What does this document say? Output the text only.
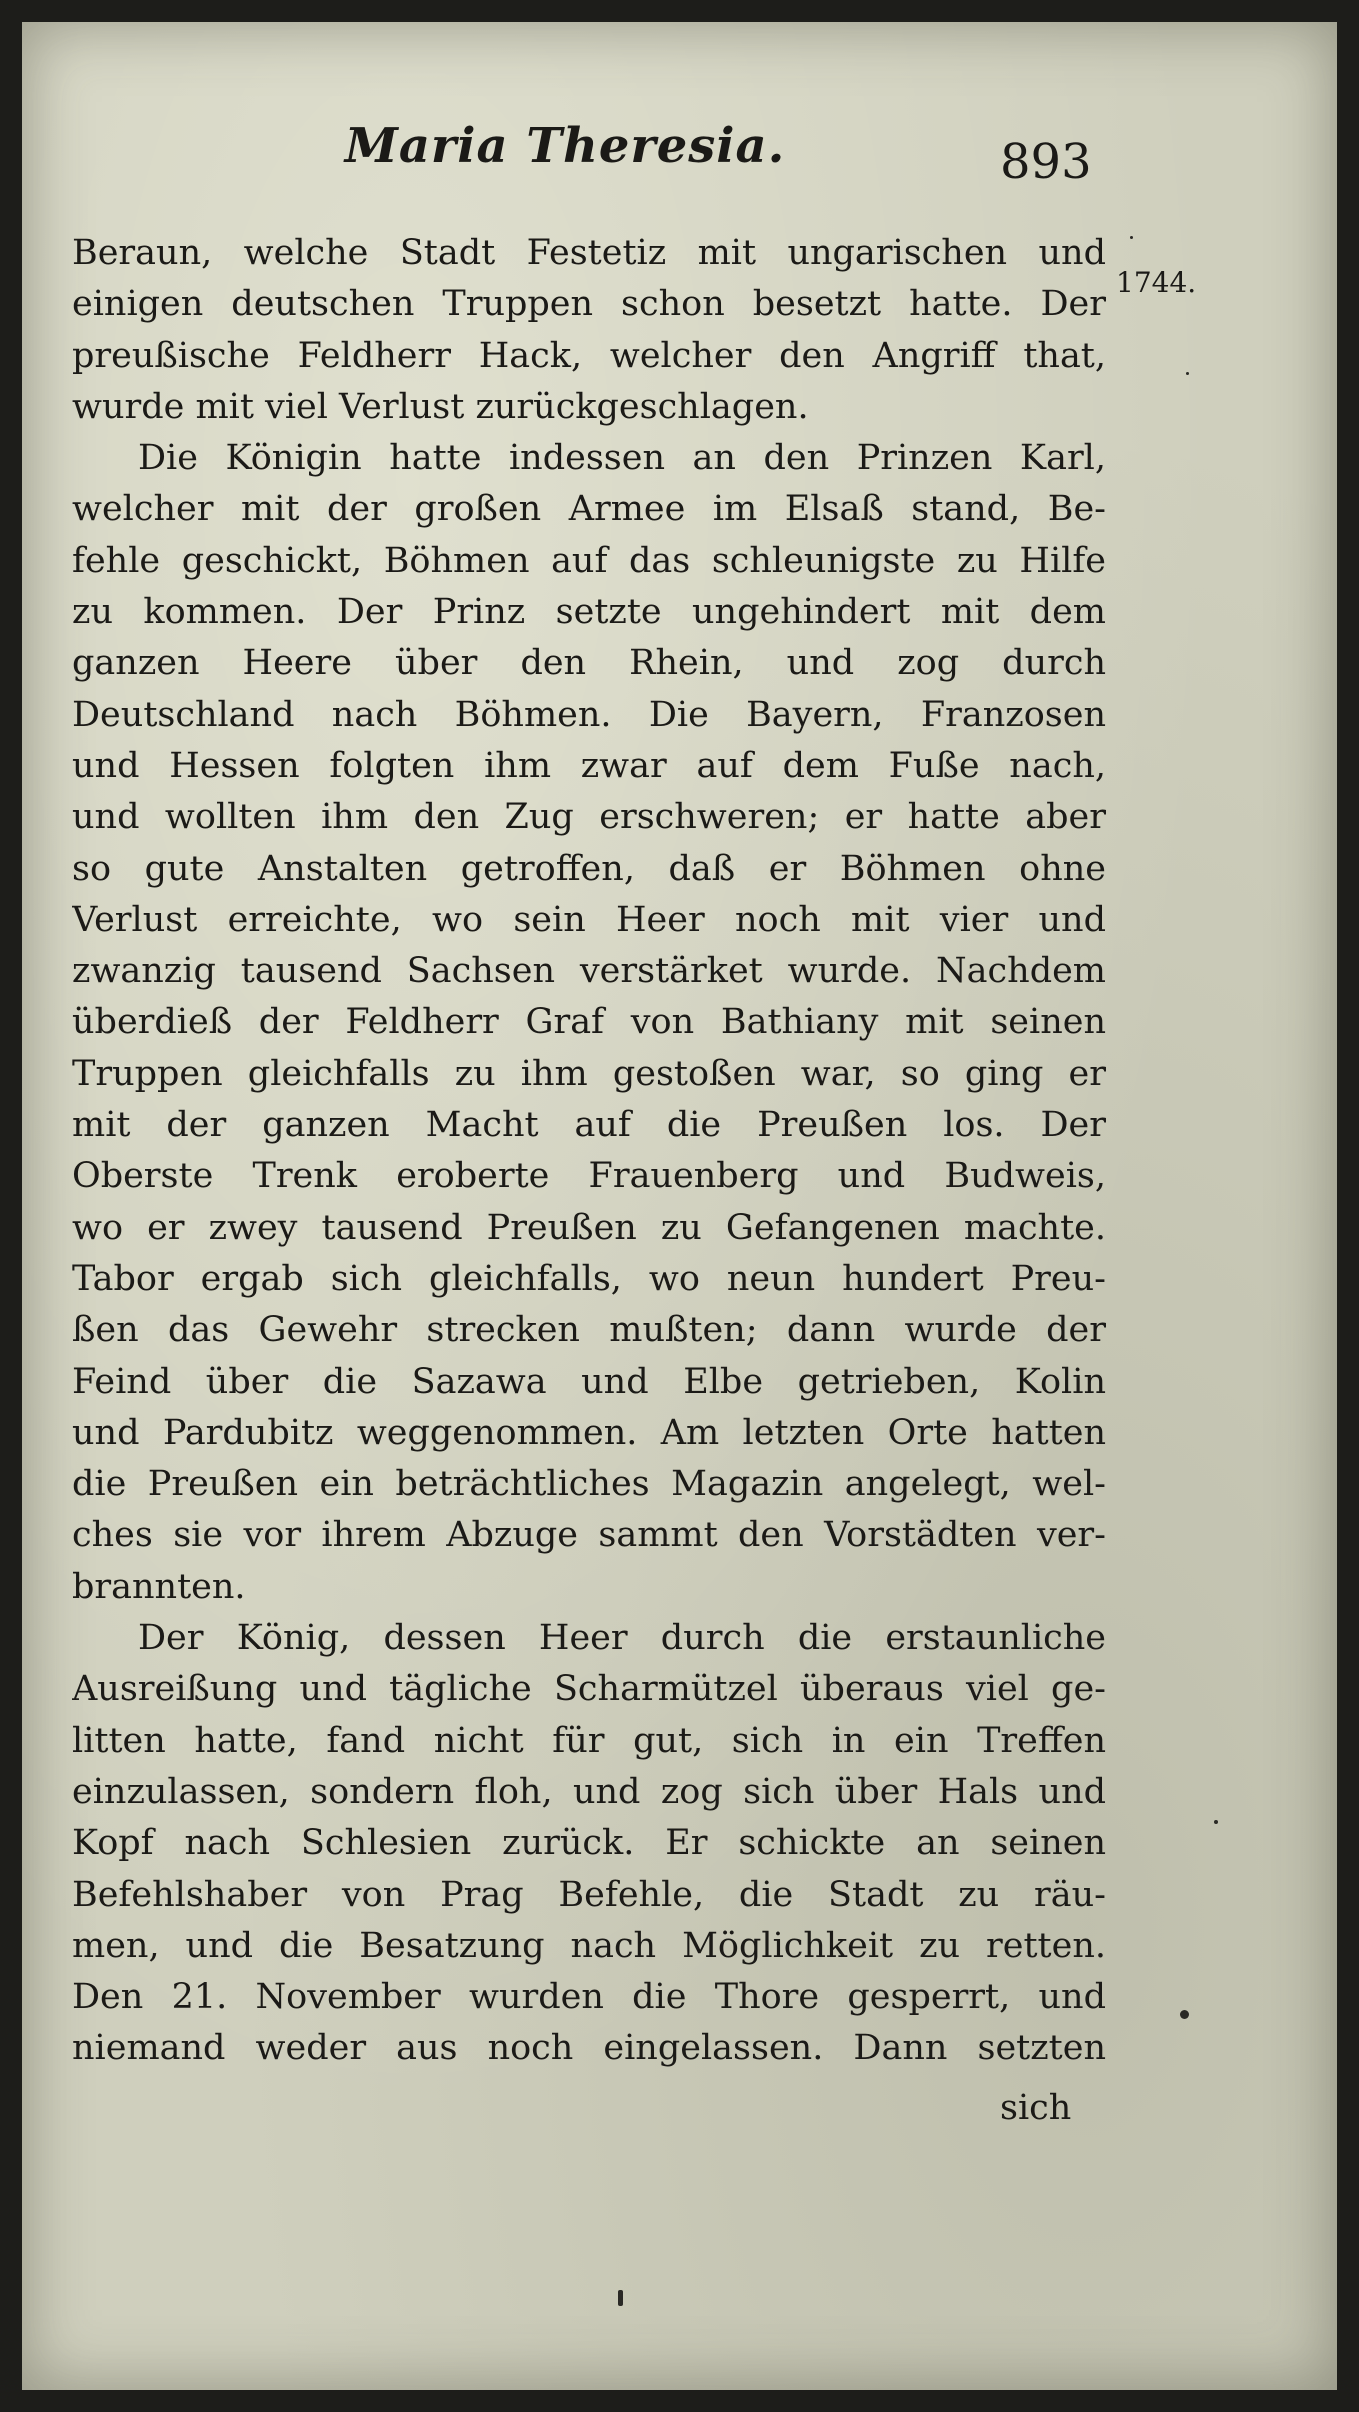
Maria Theresia.	893
1744.
Beraun, welche Stadt Festetiz mit ungarischen und
einigen deutschen Truppen schon besetzt hatte. Der
preußische Feldherr Hack, welcher den Angriff that,
wurde mit viel Verlust zurückgeschlagen.
Die Königin hatte indessen an den Prinzen Karl,
welcher mit der großen Armee im Elsaß stand, Be-
fehle geschickt, Böhmen auf das schleunigste zu Hilfe
zu kommen. Der Prinz setzte ungehindert mit dem
ganzen Heere über den Rhein, und zog durch
Deutschland nach Böhmen. Die Bayern, Franzosen
und Hessen folgten ihm zwar auf dem Fuße nach,
und wollten ihm den Zug erschweren; er hatte aber
so gute Anstalten getroffen, daß er Böhmen ohne
Verlust erreichte, wo sein Heer noch mit vier und
zwanzig tausend Sachsen verstärket wurde. Nachdem
überdieß der Feldherr Graf von Bathiany mit seinen
Truppen gleichfalls zu ihm gestoßen war, so ging er
mit der ganzen Macht auf die Preußen los. Der
Oberste Trenk eroberte Frauenberg und Budweis,
wo er zwey tausend Preußen zu Gefangenen machte.
Tabor ergab sich gleichfalls, wo neun hundert Preu-
ßen das Gewehr strecken mußten; dann wurde der
Feind über die Sazawa und Elbe getrieben, Kolin
und Pardubitz weggenommen. Am letzten Orte hatten
die Preußen ein beträchtliches Magazin angelegt, wel-
ches sie vor ihrem Abzuge sammt den Vorstädten ver-
brannten.
Der König, dessen Heer durch die erstaunliche
Ausreißung und tägliche Scharmützel überaus viel ge-
litten hatte, fand nicht für gut, sich in ein Treffen
einzulassen, sondern floh, und zog sich über Hals und
Kopf nach Schlesien zurück. Er schickte an seinen
Befehlshaber von Prag Befehle, die Stadt zu räu-
men, und die Besatzung nach Möglichkeit zu retten.
Den 21. November wurden die Thore gesperrt, und
niemand weder aus noch eingelassen. Dann setzten
sich
